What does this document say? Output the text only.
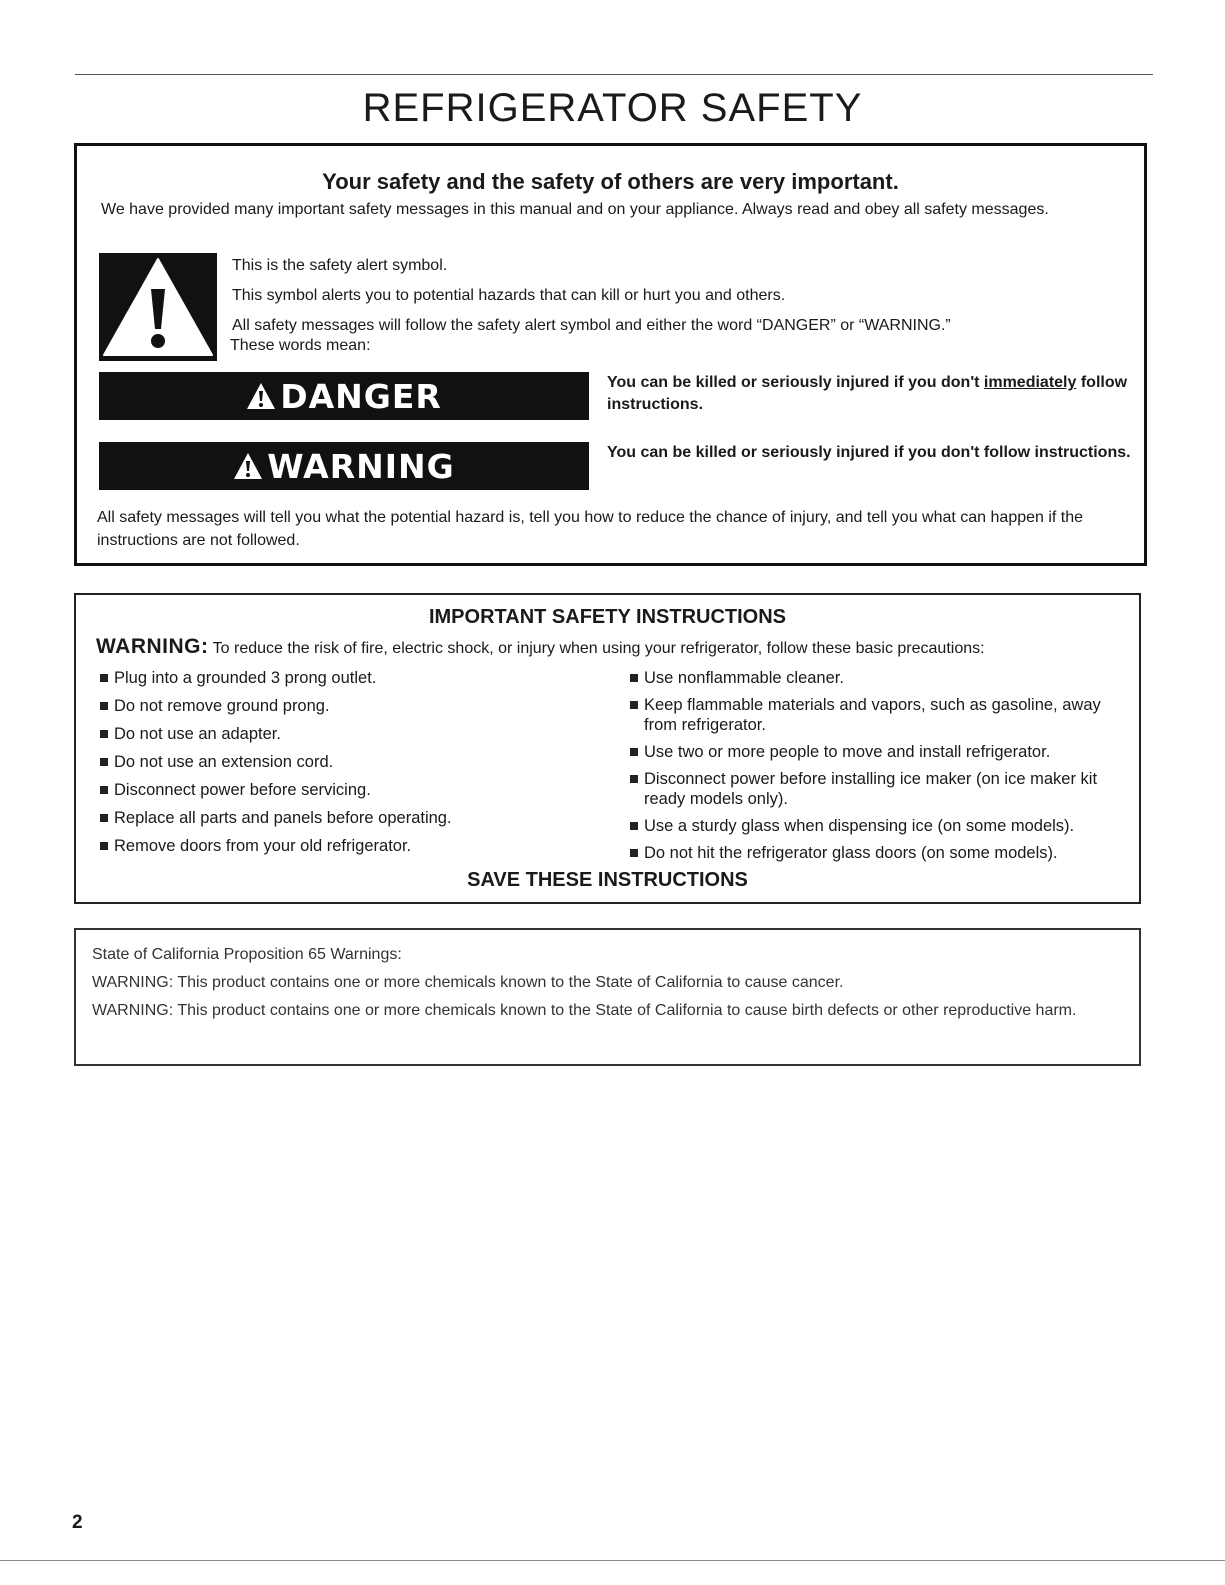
REFRIGERATOR SAFETY
Your safety and the safety of others are very important.
We have provided many important safety messages in this manual and on your appliance. Always read and obey all safety messages.
This is the safety alert symbol.
This symbol alerts you to potential hazards that can kill or hurt you and others.
All safety messages will follow the safety alert symbol and either the word “DANGER” or “WARNING.”
These words mean:
DANGER	You can be killed or seriously injured if you don't immediately follow instructions.
WARNING	You can be killed or seriously injured if you don't follow instructions.
All safety messages will tell you what the potential hazard is, tell you how to reduce the chance of injury, and tell you what can happen if the instructions are not followed.
IMPORTANT SAFETY INSTRUCTIONS
WARNING: To reduce the risk of fire, electric shock, or injury when using your refrigerator, follow these basic precautions:
Plug into a grounded 3 prong outlet.
Do not remove ground prong.
Do not use an adapter.
Do not use an extension cord.
Disconnect power before servicing.
Replace all parts and panels before operating.
Remove doors from your old refrigerator.
Use nonflammable cleaner.
Keep flammable materials and vapors, such as gasoline, away from refrigerator.
Use two or more people to move and install refrigerator.
Disconnect power before installing ice maker (on ice maker kit ready models only).
Use a sturdy glass when dispensing ice (on some models).
Do not hit the refrigerator glass doors (on some models).
SAVE THESE INSTRUCTIONS
State of California Proposition 65 Warnings:
WARNING: This product contains one or more chemicals known to the State of California to cause cancer.
WARNING: This product contains one or more chemicals known to the State of California to cause birth defects or other reproductive harm.
2
